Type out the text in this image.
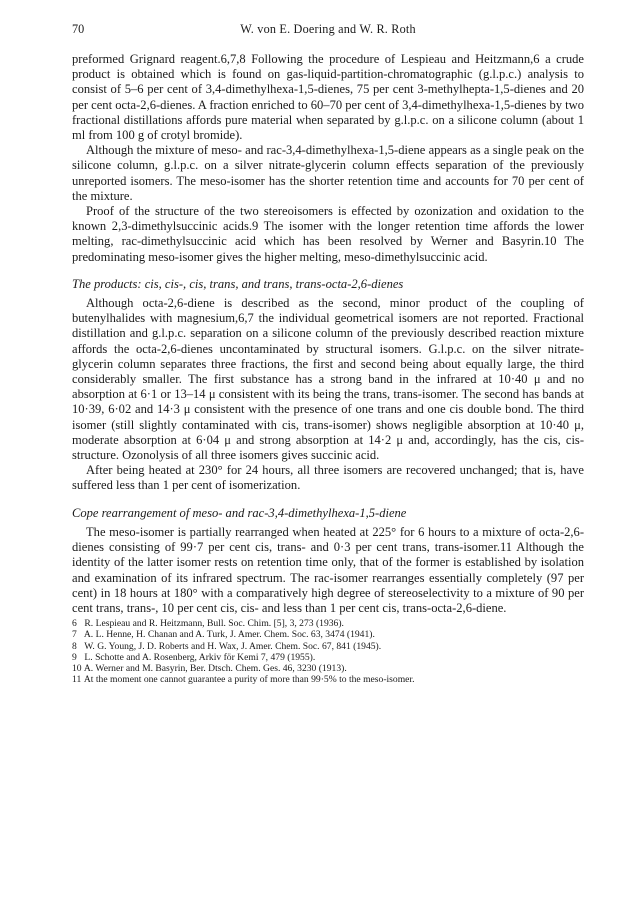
70	W. von E. Doering and W. R. Roth

preformed Grignard reagent.6,7,8 Following the procedure of Lespieau and Heitzmann,6 a crude product is obtained which is found on gas-liquid-partition-chromatographic (g.l.p.c.) analysis to consist of 5–6 per cent of 3,4-dimethylhexa-1,5-dienes, 75 per cent 3-methylhepta-1,5-dienes and 20 per cent octa-2,6-dienes. A fraction enriched to 60–70 per cent of 3,4-dimethylhexa-1,5-dienes by two fractional distillations affords pure material when separated by g.l.p.c. on a silicone column (about 1 ml from 100 g of crotyl bromide).

Although the mixture of meso- and rac-3,4-dimethylhexa-1,5-diene appears as a single peak on the silicone column, g.l.p.c. on a silver nitrate-glycerin column effects separation of the previously unreported isomers. The meso-isomer has the shorter retention time and accounts for 70 per cent of the mixture.

Proof of the structure of the two stereoisomers is effected by ozonization and oxidation to the known 2,3-dimethylsuccinic acids.9 The isomer with the longer retention time affords the lower melting, rac-dimethylsuccinic acid which has been resolved by Werner and Basyrin.10 The predominating meso-isomer gives the higher melting, meso-dimethylsuccinic acid.

The products: cis, cis-, cis, trans, and trans, trans-octa-2,6-dienes

Although octa-2,6-diene is described as the second, minor product of the coupling of butenylhalides with magnesium,6,7 the individual geometrical isomers are not reported. Fractional distillation and g.l.p.c. separation on a silicone column of the previously described reaction mixture affords the octa-2,6-dienes uncontaminated by structural isomers. G.l.p.c. on the silver nitrate-glycerin column separates three fractions, the first and second being about equally large, the third considerably smaller. The first substance has a strong band in the infrared at 10·40 μ and no absorption at 6·1 or 13–14 μ consistent with its being the trans, trans-isomer. The second has bands at 10·39, 6·02 and 14·3 μ consistent with the presence of one trans and one cis double bond. The third isomer (still slightly contaminated with cis, trans-isomer) shows negligible absorption at 10·40 μ, moderate absorption at 6·04 μ and strong absorption at 14·2 μ and, accordingly, has the cis, cis-structure. Ozonolysis of all three isomers gives succinic acid.

After being heated at 230° for 24 hours, all three isomers are recovered unchanged; that is, have suffered less than 1 per cent of isomerization.

Cope rearrangement of meso- and rac-3,4-dimethylhexa-1,5-diene

The meso-isomer is partially rearranged when heated at 225° for 6 hours to a mixture of octa-2,6-dienes consisting of 99·7 per cent cis, trans- and 0·3 per cent trans, trans-isomer.11 Although the identity of the latter isomer rests on retention time only, that of the former is established by isolation and examination of its infrared spectrum. The rac-isomer rearranges essentially completely (97 per cent) in 18 hours at 180° with a comparatively high degree of stereoselectivity to a mixture of 90 per cent trans, trans-, 10 per cent cis, cis- and less than 1 per cent cis, trans-octa-2,6-diene.

6 R. Lespieau and R. Heitzmann, Bull. Soc. Chim. [5], 3, 273 (1936).
7 A. L. Henne, H. Chanan and A. Turk, J. Amer. Chem. Soc. 63, 3474 (1941).
8 W. G. Young, J. D. Roberts and H. Wax, J. Amer. Chem. Soc. 67, 841 (1945).
9 L. Schotte and A. Rosenberg, Arkiv för Kemi 7, 479 (1955).
10 A. Werner and M. Basyrin, Ber. Dtsch. Chem. Ges. 46, 3230 (1913).
11 At the moment one cannot guarantee a purity of more than 99·5% to the meso-isomer.
